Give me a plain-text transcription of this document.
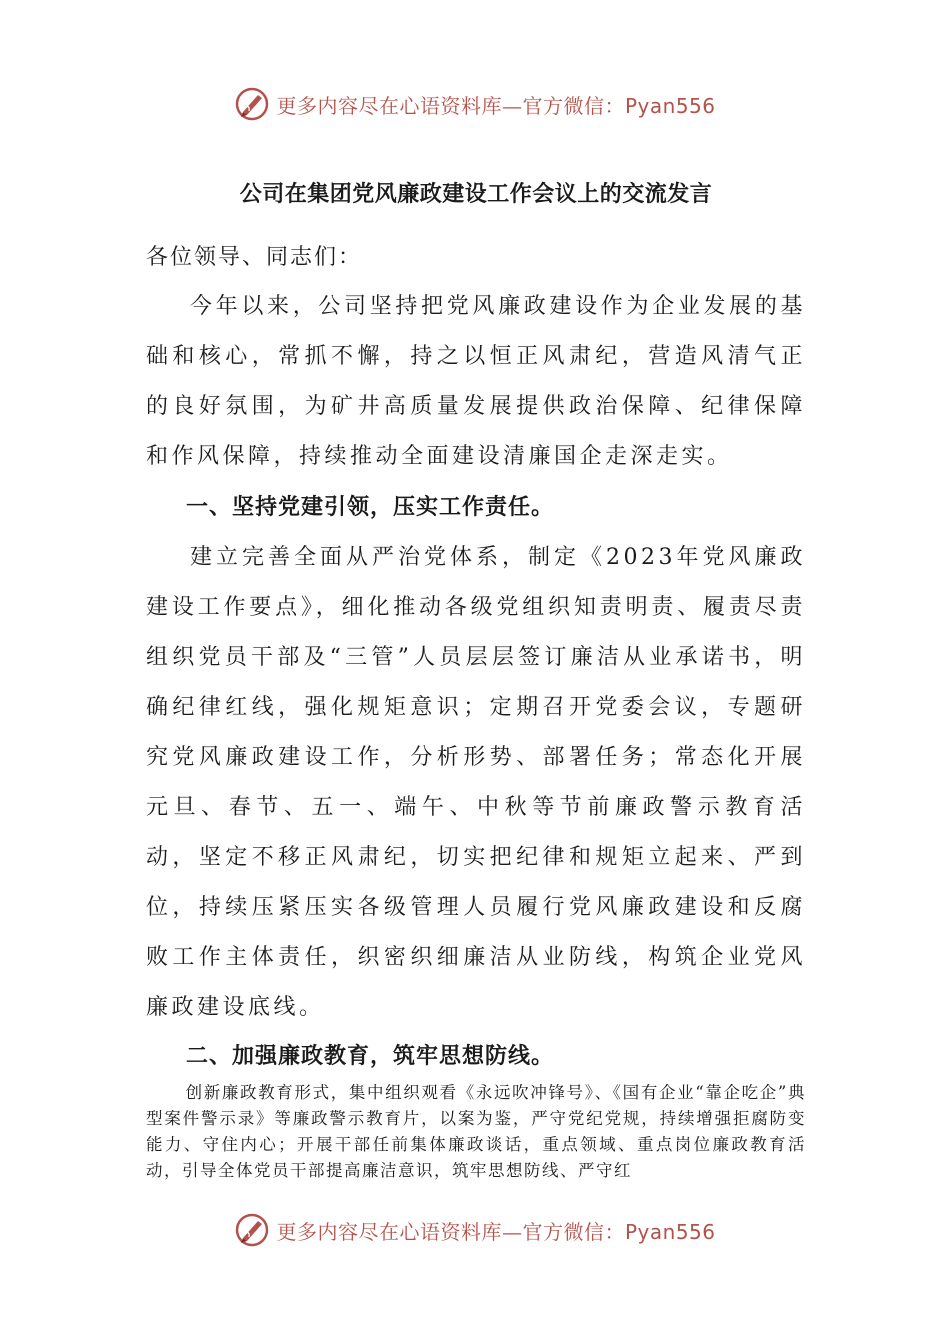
更多内容尽在心语资料库—官方微信：Pyan556
公司在集团党风廉政建设工作会议上的交流发言
各位领导、同志们：

今年以来，公司坚持把党风廉政建设作为企业发展的基础和核心，常抓不懈，持之以恒正风肃纪，营造风清气正的良好氛围，为矿井高质量发展提供政治保障、纪律保障和作风保障，持续推动全面建设清廉国企走深走实。

一、坚持党建引领，压实工作责任。

建立完善全面从严治党体系，制定《2023年党风廉政建设工作要点》，细化推动各级党组织知责明责、履责尽责组织党员干部及“三管”人员层层签订廉洁从业承诺书，明确纪律红线，强化规矩意识；定期召开党委会议，专题研究党风廉政建设工作，分析形势、部署任务；常态化开展元旦、春节、五一、端午、中秋等节前廉政警示教育活动，坚定不移正风肃纪，切实把纪律和规矩立起来、严到位，持续压紧压实各级管理人员履行党风廉政建设和反腐败工作主体责任，织密织细廉洁从业防线，构筑企业党风廉政建设底线。

二、加强廉政教育，筑牢思想防线。

创新廉政教育形式，集中组织观看《永远吹冲锋号》、《国有企业“靠企吃企”典型案件警示录》等廉政警示教育片，以案为鉴，严守党纪党规，持续增强拒腐防变能力、守住内心；开展干部任前集体廉政谈话，重点领域、重点岗位廉政教育活动，引导全体党员干部提高廉洁意识，筑牢思想防线、严守红

更多内容尽在心语资料库—官方微信：Pyan556
